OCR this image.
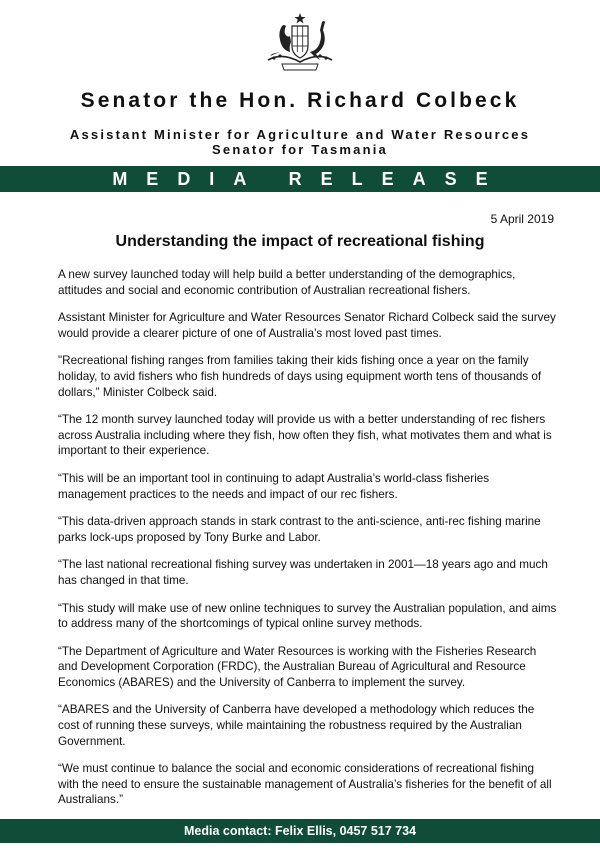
Senator the Hon. Richard Colbeck
Assistant Minister for Agriculture and Water Resources
Senator for Tasmania
MEDIA RELEASE
5 April 2019
Understanding the impact of recreational fishing

A new survey launched today will help build a better understanding of the demographics, attitudes and social and economic contribution of Australian recreational fishers.

Assistant Minister for Agriculture and Water Resources Senator Richard Colbeck said the survey would provide a clearer picture of one of Australia’s most loved past times.

"Recreational fishing ranges from families taking their kids fishing once a year on the family holiday, to avid fishers who fish hundreds of days using equipment worth tens of thousands of dollars,” Minister Colbeck said.

“The 12 month survey launched today will provide us with a better understanding of rec fishers across Australia including where they fish, how often they fish, what motivates them and what is important to their experience.

“This will be an important tool in continuing to adapt Australia’s world-class fisheries management practices to the needs and impact of our rec fishers.

“This data-driven approach stands in stark contrast to the anti-science, anti-rec fishing marine parks lock-ups proposed by Tony Burke and Labor.

“The last national recreational fishing survey was undertaken in 2001—18 years ago and much has changed in that time.

“This study will make use of new online techniques to survey the Australian population, and aims to address many of the shortcomings of typical online survey methods.

“The Department of Agriculture and Water Resources is working with the Fisheries Research and Development Corporation (FRDC), the Australian Bureau of Agricultural and Resource Economics (ABARES) and the University of Canberra to implement the survey.

“ABARES and the University of Canberra have developed a methodology which reduces the cost of running these surveys, while maintaining the robustness required by the Australian Government.

“We must continue to balance the social and economic considerations of recreational fishing with the need to ensure the sustainable management of Australia’s fisheries for the benefit of all Australians.”

Media contact: Felix Ellis, 0457 517 734
